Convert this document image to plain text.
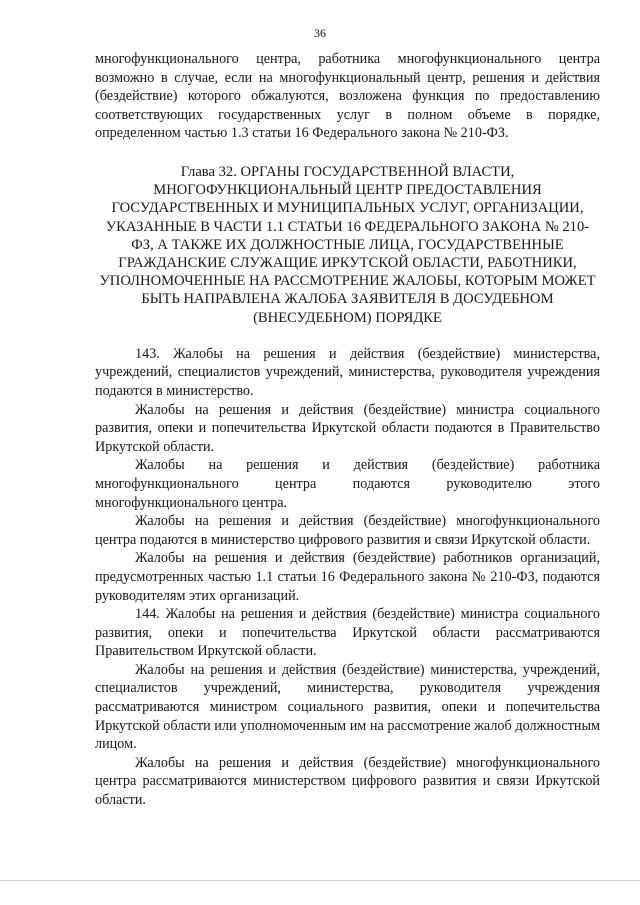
36

многофункционального центра, работника многофункционального центра возможно в случае, если на многофункциональный центр, решения и действия (бездействие) которого обжалуются, возложена функция по предоставлению соответствующих государственных услуг в полном объеме в порядке, определенном частью 1.3 статьи 16 Федерального закона № 210-ФЗ.

Глава 32. ОРГАНЫ ГОСУДАРСТВЕННОЙ ВЛАСТИ, МНОГОФУНКЦИОНАЛЬНЫЙ ЦЕНТР ПРЕДОСТАВЛЕНИЯ ГОСУДАРСТВЕННЫХ И МУНИЦИПАЛЬНЫХ УСЛУГ, ОРГАНИЗАЦИИ, УКАЗАННЫЕ В ЧАСТИ 1.1 СТАТЬИ 16 ФЕДЕРАЛЬНОГО ЗАКОНА № 210-ФЗ, А ТАКЖЕ ИХ ДОЛЖНОСТНЫЕ ЛИЦА, ГОСУДАРСТВЕННЫЕ ГРАЖДАНСКИЕ СЛУЖАЩИЕ ИРКУТСКОЙ ОБЛАСТИ, РАБОТНИКИ, УПОЛНОМОЧЕННЫЕ НА РАССМОТРЕНИЕ ЖАЛОБЫ, КОТОРЫМ МОЖЕТ БЫТЬ НАПРАВЛЕНА ЖАЛОБА ЗАЯВИТЕЛЯ В ДОСУДЕБНОМ (ВНЕСУДЕБНОМ) ПОРЯДКЕ

143. Жалобы на решения и действия (бездействие) министерства, учреждений, специалистов учреждений, министерства, руководителя учреждения подаются в министерство.

Жалобы на решения и действия (бездействие) министра социального развития, опеки и попечительства Иркутской области подаются в Правительство Иркутской области.

Жалобы на решения и действия (бездействие) работника многофункционального центра подаются руководителю этого многофункционального центра.

Жалобы на решения и действия (бездействие) многофункционального центра подаются в министерство цифрового развития и связи Иркутской области.

Жалобы на решения и действия (бездействие) работников организаций, предусмотренных частью 1.1 статьи 16 Федерального закона № 210-ФЗ, подаются руководителям этих организаций.

144. Жалобы на решения и действия (бездействие) министра социального развития, опеки и попечительства Иркутской области рассматриваются Правительством Иркутской области.

Жалобы на решения и действия (бездействие) министерства, учреждений, специалистов учреждений, министерства, руководителя учреждения рассматриваются министром социального развития, опеки и попечительства Иркутской области или уполномоченным им на рассмотрение жалоб должностным лицом.

Жалобы на решения и действия (бездействие) многофункционального центра рассматриваются министерством цифрового развития и связи Иркутской области.
